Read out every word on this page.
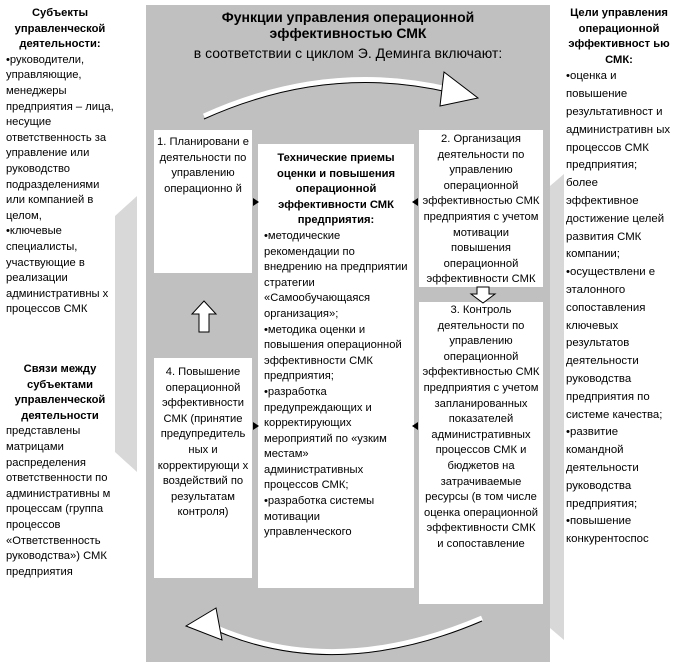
Субъекты управленческой деятельности:
• руководители, управляющие, менеджеры предприятия – лица, несущие ответственность за управление или руководство подразделениями или компанией в целом,
• ключевые специалисты, участвующие в реализации административны х процессов СМК
Связи между субъектами управленческой деятельности
представлены матрицами распределения ответственности по административны м процессам (группа процессов «Ответственность руководства») СМК предприятия
Функции управления операционной
эффективностью СМК
в соответствии с циклом Э. Деминга включают:
1. Планировани е деятельности по управлению операционно й
2. Организация деятельности по управлению операционной эффективностью СМК предприятия с учетом мотивации повышения операционной эффективности СМК
3. Контроль деятельности по управлению операционной эффективностью СМК предприятия с учетом запланированных показателей административных процессов СМК и бюджетов на затрачиваемые ресурсы (в том числе оценка операционной эффективности СМК и сопоставление
4. Повышение операционной эффективности СМК (принятие предупредитель ных и корректирующи х воздействий по результатам контроля)
Технические приемы оценки и повышения операционной эффективности СМК предприятия:
• методические рекомендации по внедрению на предприятии стратегии «Самообучающаяся организация»;
• методика оценки и повышения операционной эффективности СМК предприятия;
• разработка предупреждающих и корректирующих мероприятий по «узким местам» административных процессов СМК;
• разработка системы мотивации управленческого
Цели управления операционной эффективност ью СМК:
• оценка и повышение результативност и административн ых процессов СМК предприятия; более эффективное достижение целей развития СМК компании;
• осуществлени е эталонного сопоставления ключевых результатов деятельности руководства предприятия по системе качества;
• развитие командной деятельности руководства предприятия;
• повышение конкурентоспос
